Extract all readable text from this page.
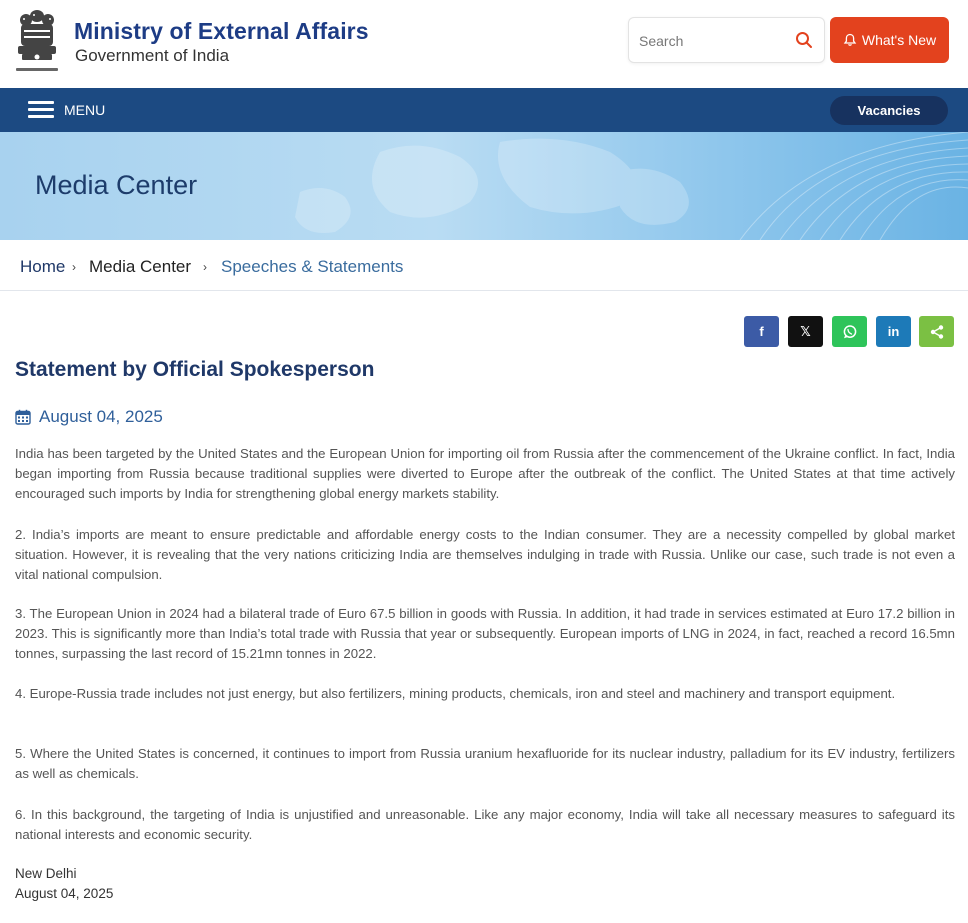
Ministry of External Affairs
Government of India
Search
What's New
MENU	Vacancies
Media Center
Home › Media Center › Speeches & Statements
f	𝕏	in
Statement by Official Spokesperson
August 04, 2025

India has been targeted by the United States and the European Union for importing oil from Russia after the commencement of the Ukraine conflict. In fact, India began importing from Russia because traditional supplies were diverted to Europe after the outbreak of the conflict. The United States at that time actively encouraged such imports by India for strengthening global energy markets stability.

2. India’s imports are meant to ensure predictable and affordable energy costs to the Indian consumer. They are a necessity compelled by global market situation. However, it is revealing that the very nations criticizing India are themselves indulging in trade with Russia. Unlike our case, such trade is not even a vital national compulsion.

3. The European Union in 2024 had a bilateral trade of Euro 67.5 billion in goods with Russia. In addition, it had trade in services estimated at Euro 17.2 billion in 2023. This is significantly more than India’s total trade with Russia that year or subsequently. European imports of LNG in 2024, in fact, reached a record 16.5mn tonnes, surpassing the last record of 15.21mn tonnes in 2022.

4. Europe-Russia trade includes not just energy, but also fertilizers, mining products, chemicals, iron and steel and machinery and transport equipment.

5. Where the United States is concerned, it continues to import from Russia uranium hexafluoride for its nuclear industry, palladium for its EV industry, fertilizers as well as chemicals.

6. In this background, the targeting of India is unjustified and unreasonable. Like any major economy, India will take all necessary measures to safeguard its national interests and economic security.

New Delhi
August 04, 2025
